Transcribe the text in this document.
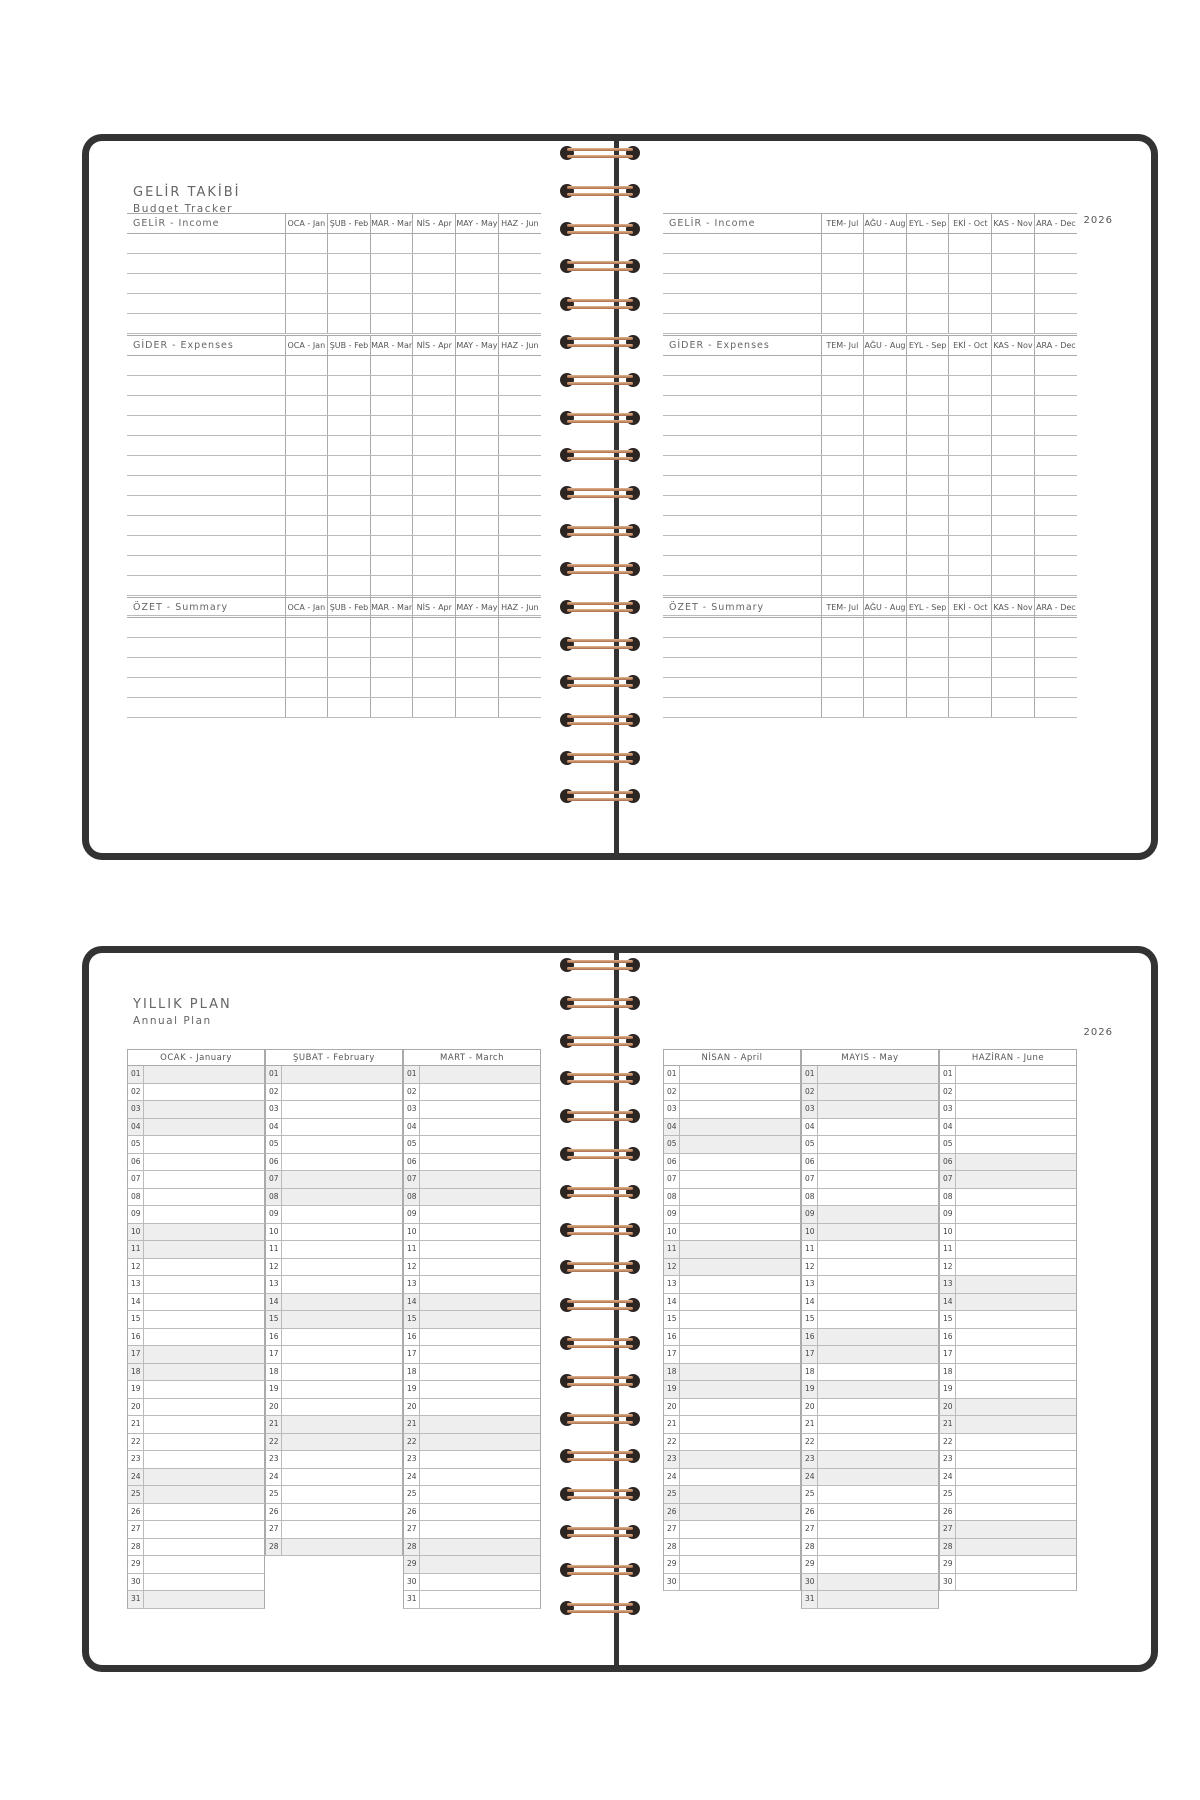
GELİR TAKİBİ
Budget Tracker
GELİR - Income	OCA - Jan	ŞUB - Feb	MAR - Mar	NİS - Apr	MAY - May	HAZ - Jun

GİDER - Expenses	OCA - Jan	ŞUB - Feb	MAR - Mar	NİS - Apr	MAY - May	HAZ - Jun

ÖZET - Summary	OCA - Jan	ŞUB - Feb	MAR - Mar	NİS - Apr	MAY - May	HAZ - Jun

2026
GELİR - Income	TEM- Jul	AĞU - Aug	EYL - Sep	EKİ - Oct	KAS - Nov	ARA - Dec

GİDER - Expenses	TEM- Jul	AĞU - Aug	EYL - Sep	EKİ - Oct	KAS - Nov	ARA - Dec

ÖZET - Summary	TEM- Jul	AĞU - Aug	EYL - Sep	EKİ - Oct	KAS - Nov	ARA - Dec

YILLIK PLAN
Annual Plan
OCAK - January
01
02
03
04
05
06
07
08
09
10
11
12
13
14
15
16
17
18
19
20
21
22
23
24
25
26
27
28
29
30
31
ŞUBAT - February
01
02
03
04
05
06
07
08
09
10
11
12
13
14
15
16
17
18
19
20
21
22
23
24
25
26
27
28
MART - March
01
02
03
04
05
06
07
08
09
10
11
12
13
14
15
16
17
18
19
20
21
22
23
24
25
26
27
28
29
30
31
2026
NİSAN - April
01
02
03
04
05
06
07
08
09
10
11
12
13
14
15
16
17
18
19
20
21
22
23
24
25
26
27
28
29
30
MAYIS - May
01
02
03
04
05
06
07
08
09
10
11
12
13
14
15
16
17
18
19
20
21
22
23
24
25
26
27
28
29
30
31
HAZİRAN - June
01
02
03
04
05
06
07
08
09
10
11
12
13
14
15
16
17
18
19
20
21
22
23
24
25
26
27
28
29
30
